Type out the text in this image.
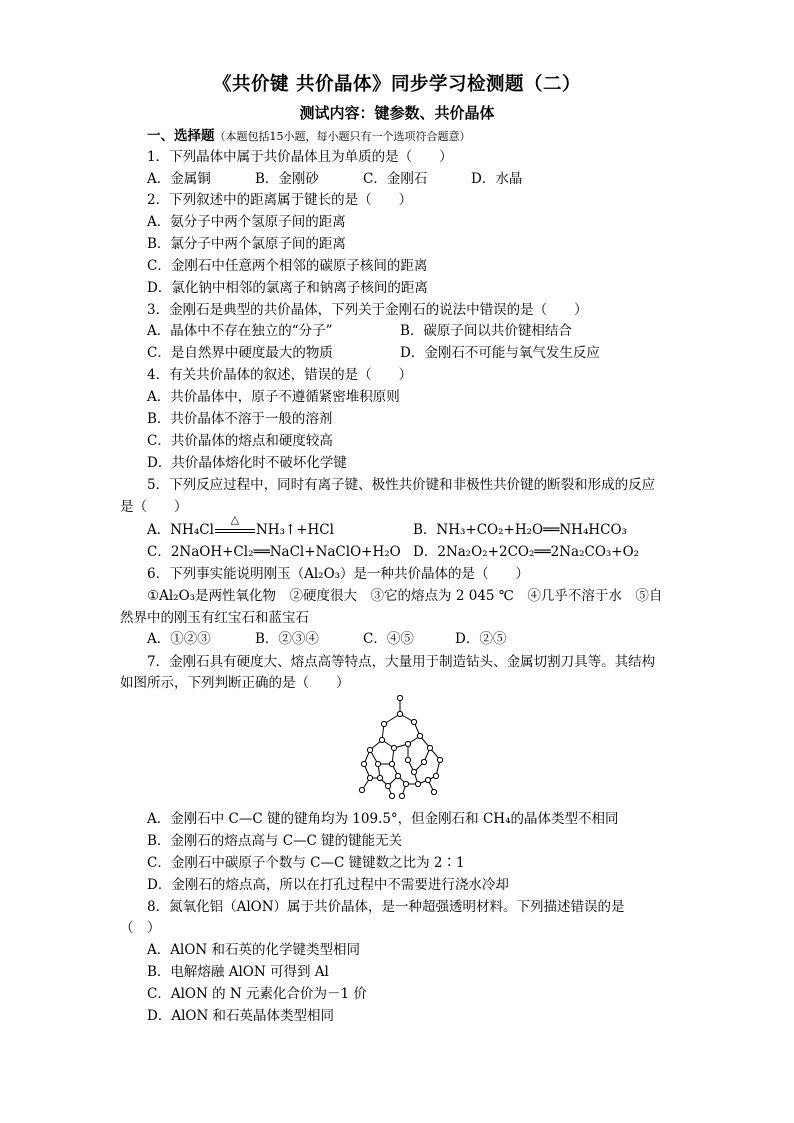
《共价键 共价晶体》同步学习检测题（二）
测试内容：键参数、共价晶体
一、选择题（本题包括15小题，每小题只有一个选项符合题意）
1．下列晶体中属于共价晶体且为单质的是（　　）
A．金属铜	B．金刚砂	C．金刚石	D．水晶
2．下列叙述中的距离属于键长的是（　　）
A．氨分子中两个氢原子间的距离
B．氯分子中两个氯原子间的距离
C．金刚石中任意两个相邻的碳原子核间的距离
D．氯化钠中相邻的氯离子和钠离子核间的距离
3．金刚石是典型的共价晶体，下列关于金刚石的说法中错误的是（　　）
A．晶体中不存在独立的“分子”	B．碳原子间以共价键相结合
C．是自然界中硬度最大的物质	D．金刚石不可能与氧气发生反应
4．有关共价晶体的叙述，错误的是（　　）
A．共价晶体中，原子不遵循紧密堆积原则
B．共价晶体不溶于一般的溶剂
C．共价晶体的熔点和硬度较高
D．共价晶体熔化时不破坏化学键
5．下列反应过程中，同时有离子键、极性共价键和非极性共价键的断裂和形成的反应
是（　　）
A．NH₄Cl
△
NH₃↑+HCl	B．NH₃+CO₂+H₂O══NH₄HCO₃
C．2NaOH+Cl₂══NaCl+NaClO+H₂O D．2Na₂O₂+2CO₂══2Na₂CO₃+O₂
6．下列事实能说明刚玉（Al₂O₃）是一种共价晶体的是（　　）
①Al₂O₃是两性氧化物　②硬度很大　③它的熔点为 2 045 ℃　④几乎不溶于水　⑤自
然界中的刚玉有红宝石和蓝宝石
A．①②③	B．②③④	C．④⑤	D．②⑤
7．金刚石具有硬度大、熔点高等特点，大量用于制造钻头、金属切割刀具等。其结构
如图所示，下列判断正确的是（　　）
A．金刚石中 C—C 键的键角均为 109.5°，但金刚石和 CH₄的晶体类型不相同
B．金刚石的熔点高与 C—C 键的键能无关
C．金刚石中碳原子个数与 C—C 键键数之比为 2∶1
D．金刚石的熔点高，所以在打孔过程中不需要进行浇水冷却
8．氮氧化铝（AlON）属于共价晶体，是一种超强透明材料。下列描述错误的是
（　）
A．AlON 和石英的化学键类型相同
B．电解熔融 AlON 可得到 Al
C．AlON 的 N 元素化合价为－1 价
D．AlON 和石英晶体类型相同
